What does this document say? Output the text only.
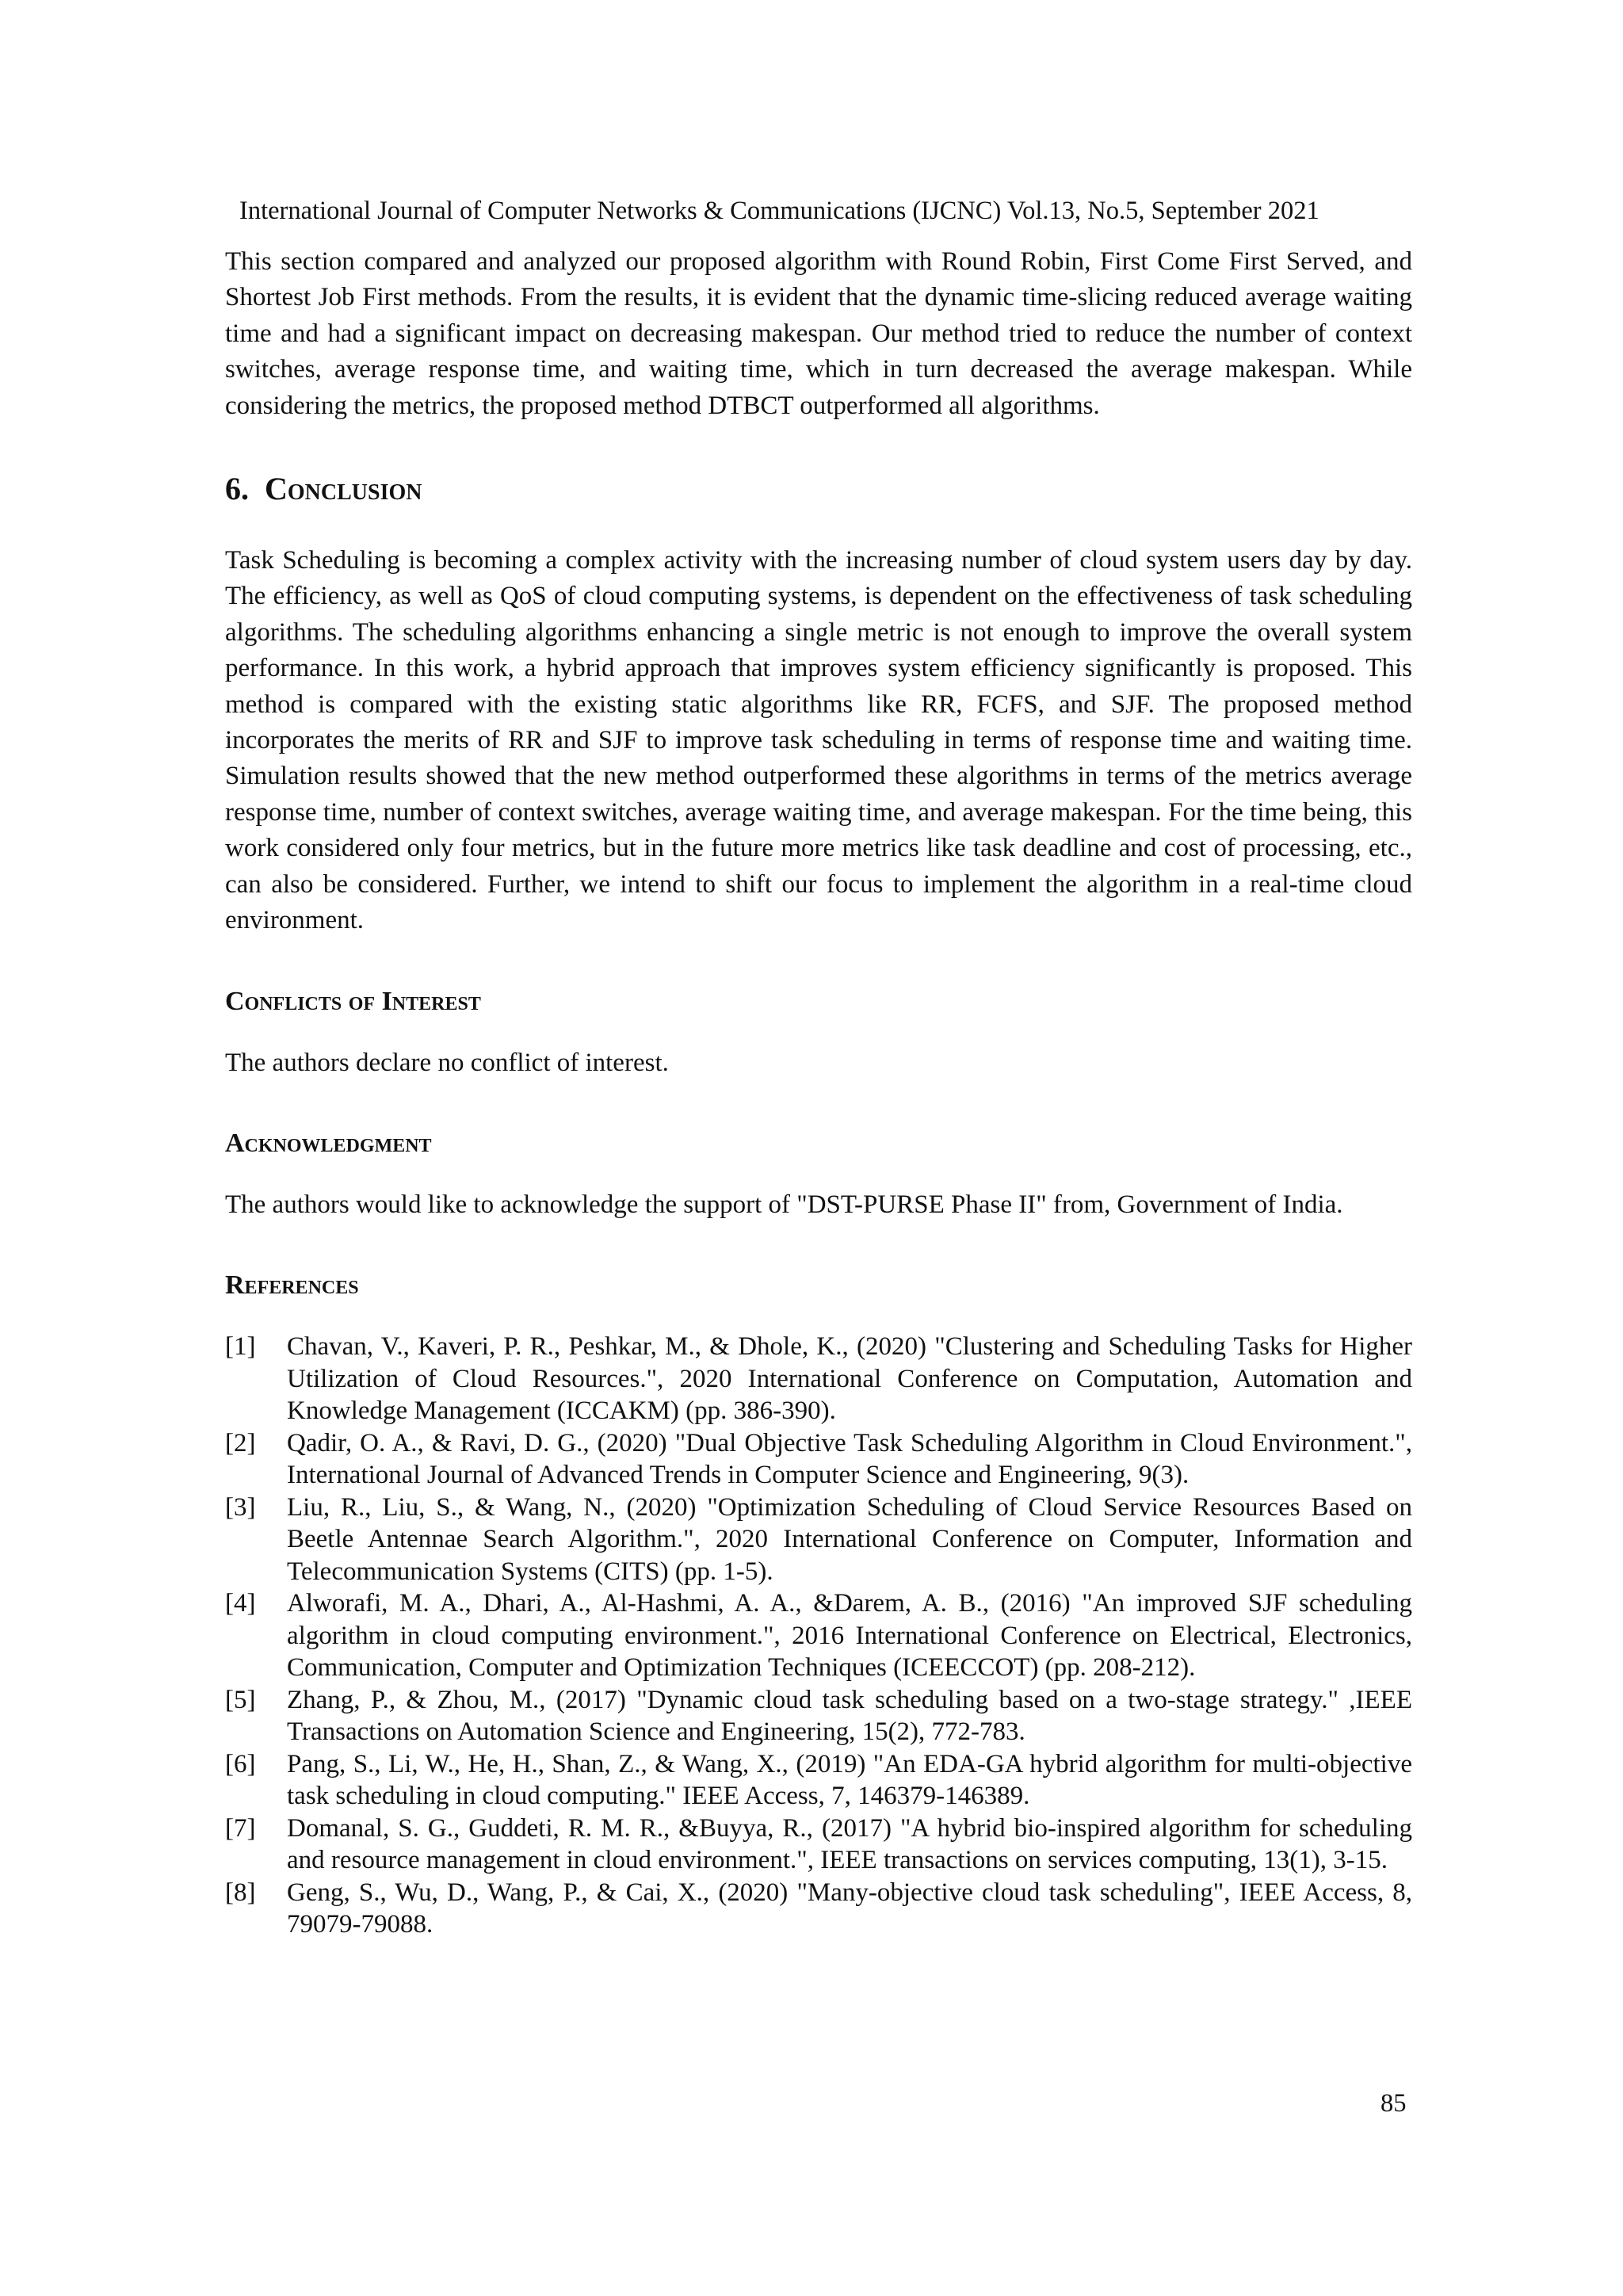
International Journal of Computer Networks & Communications (IJCNC) Vol.13, No.5, September 2021

This section compared and analyzed our proposed algorithm with Round Robin, First Come First Served, and Shortest Job First methods. From the results, it is evident that the dynamic time-slicing reduced average waiting time and had a significant impact on decreasing makespan. Our method tried to reduce the number of context switches, average response time, and waiting time, which in turn decreased the average makespan. While considering the metrics, the proposed method DTBCT outperformed all algorithms.

6. Conclusion

Task Scheduling is becoming a complex activity with the increasing number of cloud system users day by day. The efficiency, as well as QoS of cloud computing systems, is dependent on the effectiveness of task scheduling algorithms. The scheduling algorithms enhancing a single metric is not enough to improve the overall system performance. In this work, a hybrid approach that improves system efficiency significantly is proposed. This method is compared with the existing static algorithms like RR, FCFS, and SJF. The proposed method incorporates the merits of RR and SJF to improve task scheduling in terms of response time and waiting time. Simulation results showed that the new method outperformed these algorithms in terms of the metrics average response time, number of context switches, average waiting time, and average makespan. For the time being, this work considered only four metrics, but in the future more metrics like task deadline and cost of processing, etc., can also be considered. Further, we intend to shift our focus to implement the algorithm in a real-time cloud environment.

Conflicts of Interest

The authors declare no conflict of interest.

Acknowledgment

The authors would like to acknowledge the support of "DST-PURSE Phase II" from, Government of India.

References
[1]	Chavan, V., Kaveri, P. R., Peshkar, M., & Dhole, K., (2020) "Clustering and Scheduling Tasks for Higher Utilization of Cloud Resources.", 2020 International Conference on Computation, Automation and Knowledge Management (ICCAKM) (pp. 386-390).
[2]	Qadir, O. A., & Ravi, D. G., (2020) "Dual Objective Task Scheduling Algorithm in Cloud Environment.", International Journal of Advanced Trends in Computer Science and Engineering, 9(3).
[3]	Liu, R., Liu, S., & Wang, N., (2020) "Optimization Scheduling of Cloud Service Resources Based on Beetle Antennae Search Algorithm.", 2020 International Conference on Computer, Information and Telecommunication Systems (CITS) (pp. 1-5).
[4]	Alworafi, M. A., Dhari, A., Al-Hashmi, A. A., &Darem, A. B., (2016) "An improved SJF scheduling algorithm in cloud computing environment.", 2016 International Conference on Electrical, Electronics, Communication, Computer and Optimization Techniques (ICEECCOT) (pp. 208-212).
[5]	Zhang, P., & Zhou, M., (2017) "Dynamic cloud task scheduling based on a two-stage strategy." ,IEEE Transactions on Automation Science and Engineering, 15(2), 772-783.
[6]	Pang, S., Li, W., He, H., Shan, Z., & Wang, X., (2019) "An EDA-GA hybrid algorithm for multi-objective task scheduling in cloud computing." IEEE Access, 7, 146379-146389.
[7]	Domanal, S. G., Guddeti, R. M. R., &Buyya, R., (2017) "A hybrid bio-inspired algorithm for scheduling and resource management in cloud environment.", IEEE transactions on services computing, 13(1), 3-15.
[8]	Geng, S., Wu, D., Wang, P., & Cai, X., (2020) "Many-objective cloud task scheduling", IEEE Access, 8, 79079-79088.
85
